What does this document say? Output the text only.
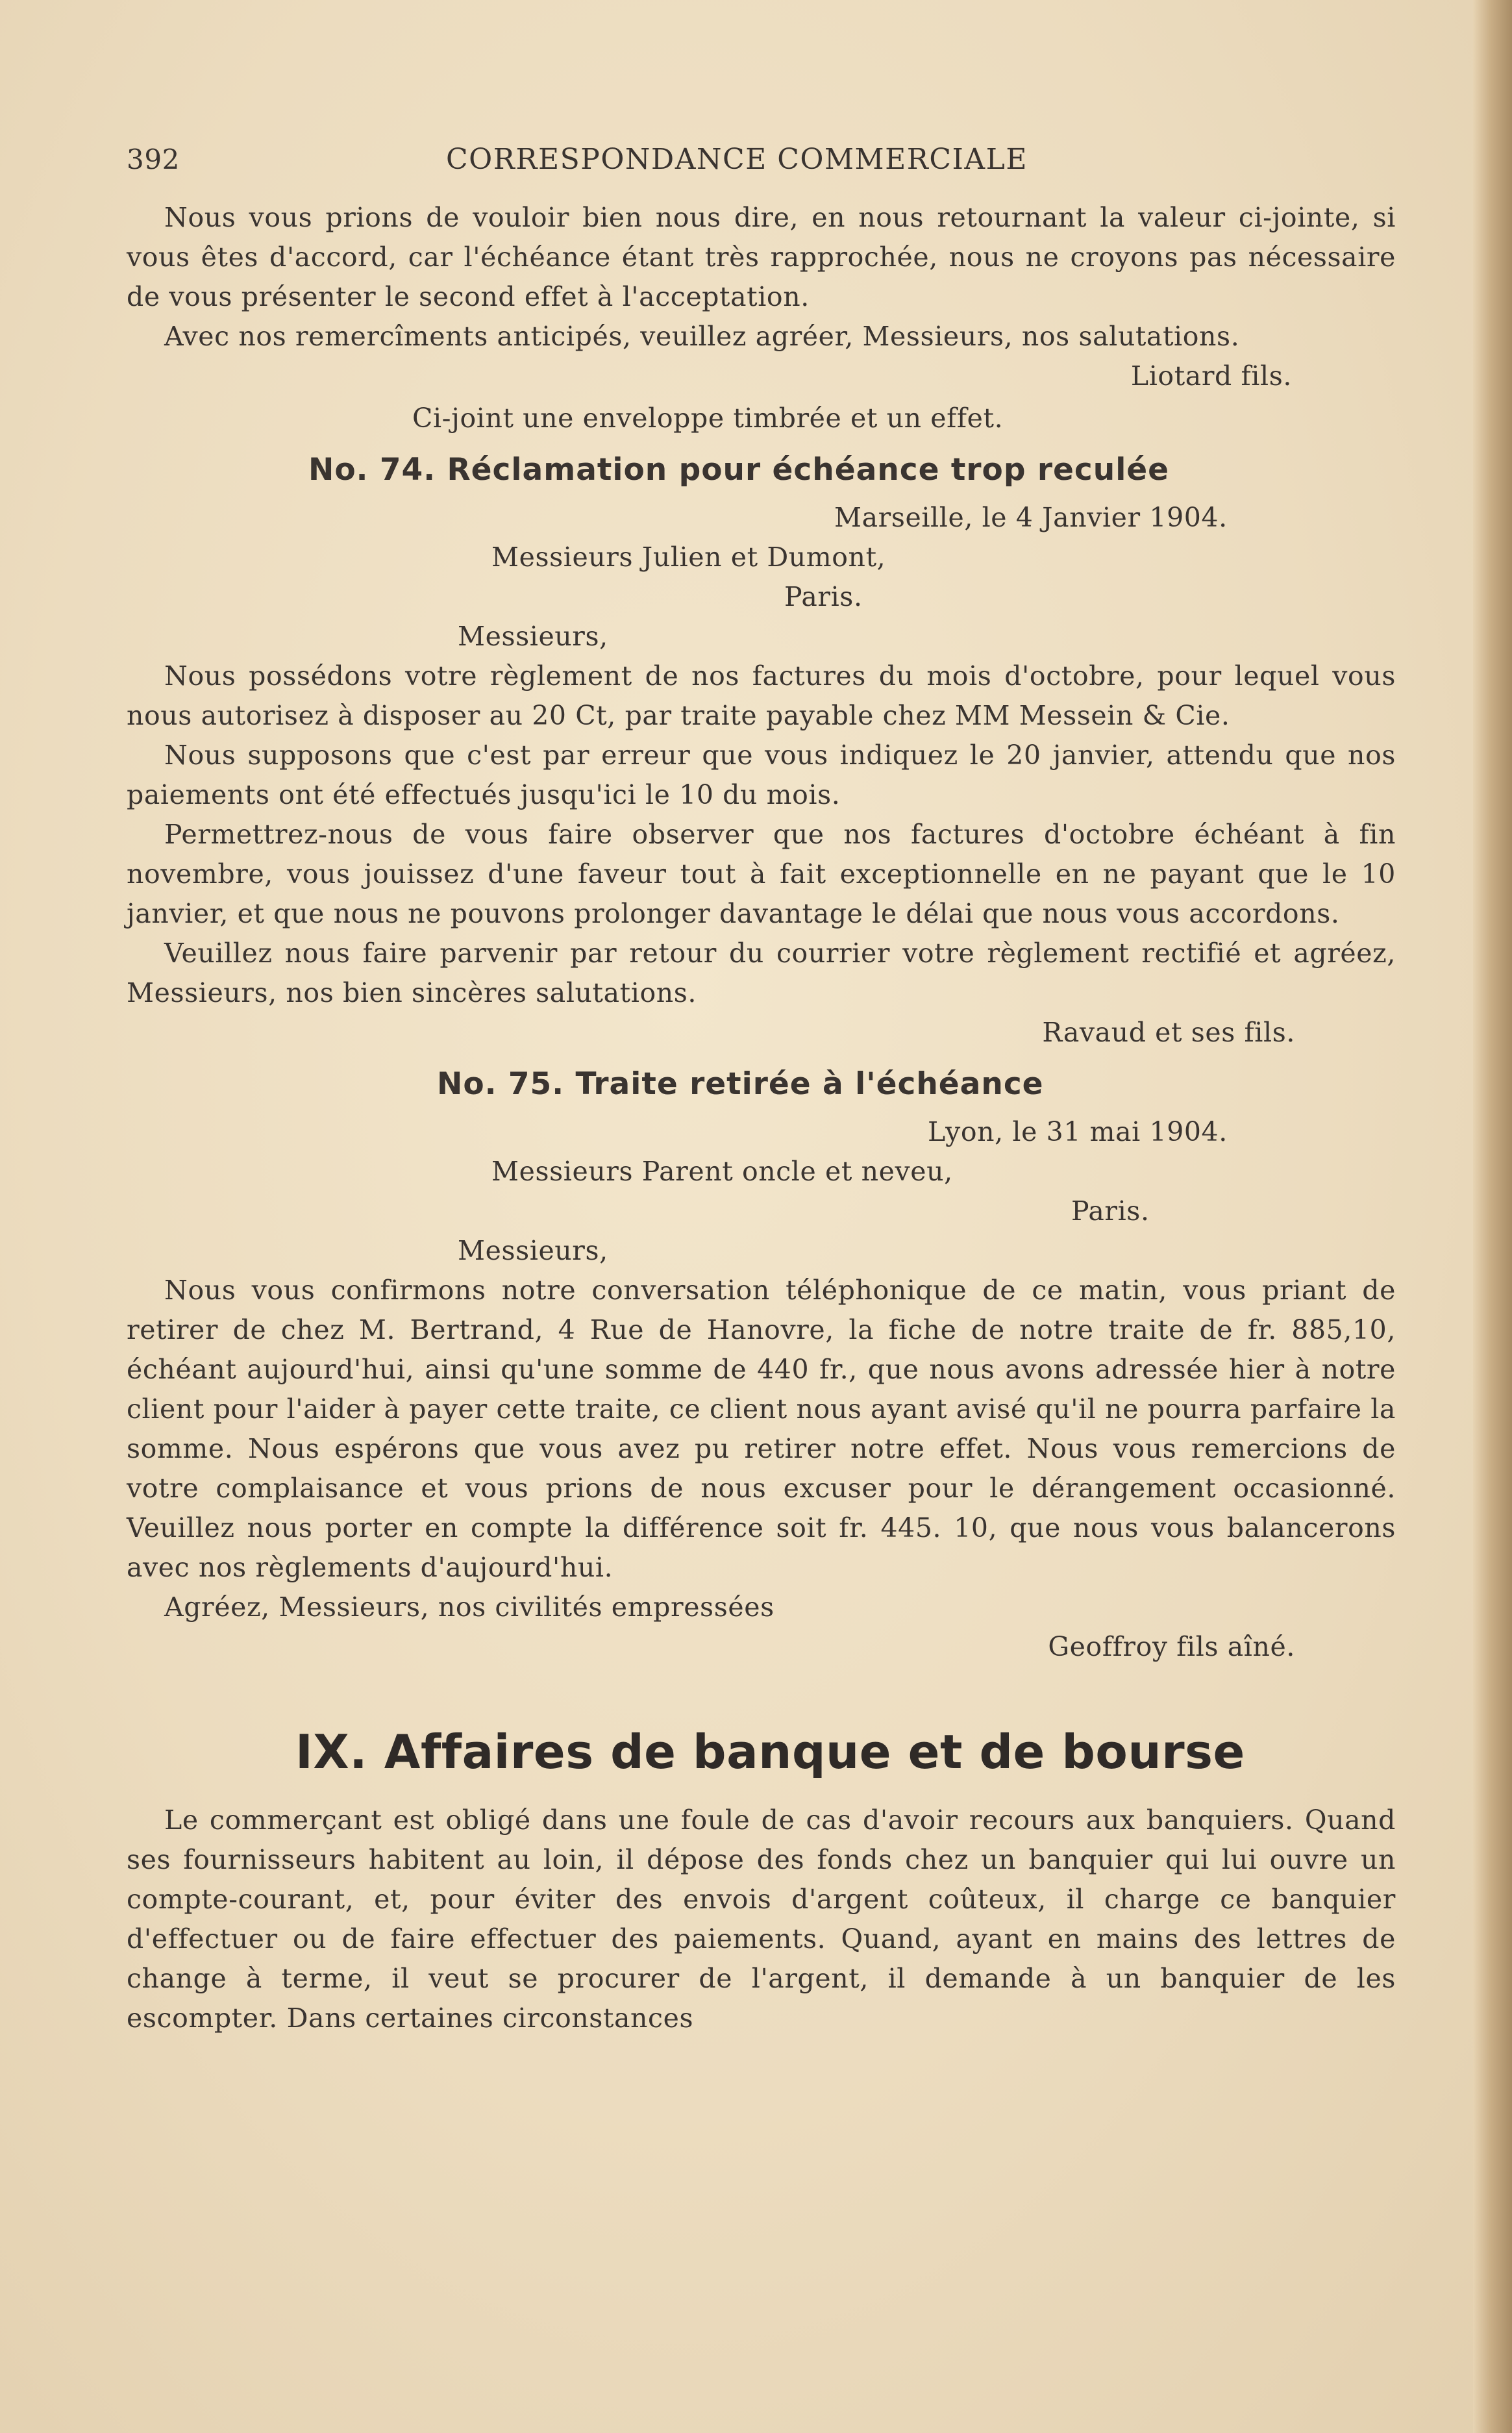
392	CORRESPONDANCE COMMERCIALE

Nous vous prions de vouloir bien nous dire, en nous retournant la valeur ci-jointe, si vous êtes d'accord, car l'échéance étant très rapprochée, nous ne croyons pas nécessaire de vous présenter le second effet à l'acceptation.

Avec nos remercîments anticipés, veuillez agréer, Messieurs, nos salutations.

Liotard fils.

Ci-joint une enveloppe timbrée et un effet.

No. 74. Réclamation pour échéance trop reculée

Marseille, le 4 Janvier 1904.

Messieurs Julien et Dumont,

Paris.

Messieurs,

Nous possédons votre règlement de nos factures du mois d'octobre, pour lequel vous nous autorisez à disposer au 20 Ct, par traite payable chez MM Messein & Cie.

Nous supposons que c'est par erreur que vous indiquez le 20 janvier, attendu que nos paiements ont été effectués jusqu'ici le 10 du mois.

Permettrez-nous de vous faire observer que nos factures d'octobre échéant à fin novembre, vous jouissez d'une faveur tout à fait exceptionnelle en ne payant que le 10 janvier, et que nous ne pouvons prolonger davantage le délai que nous vous accordons.

Veuillez nous faire parvenir par retour du courrier votre règlement rectifié et agréez, Messieurs, nos bien sincères salutations.

Ravaud et ses fils.

No. 75. Traite retirée à l'échéance

Lyon, le 31 mai 1904.

Messieurs Parent oncle et neveu,

Paris.

Messieurs,

Nous vous confirmons notre conversation téléphonique de ce matin, vous priant de retirer de chez M. Bertrand, 4 Rue de Hanovre, la fiche de notre traite de fr. 885,10, échéant aujourd'hui, ainsi qu'une somme de 440 fr., que nous avons adressée hier à notre client pour l'aider à payer cette traite, ce client nous ayant avisé qu'il ne pourra parfaire la somme. Nous espérons que vous avez pu retirer notre effet. Nous vous remercions de votre complaisance et vous prions de nous excuser pour le dérangement occasionné. Veuillez nous porter en compte la différence soit fr. 445. 10, que nous vous balancerons avec nos règlements d'aujourd'hui.

Agréez, Messieurs, nos civilités empressées

Geoffroy fils aîné.

IX. Affaires de banque et de bourse

Le commerçant est obligé dans une foule de cas d'avoir recours aux banquiers. Quand ses fournisseurs habitent au loin, il dépose des fonds chez un banquier qui lui ouvre un compte-courant, et, pour éviter des envois d'argent coûteux, il charge ce banquier d'effectuer ou de faire effectuer des paiements. Quand, ayant en mains des lettres de change à terme, il veut se procurer de l'argent, il demande à un banquier de les escompter. Dans certaines circonstances
